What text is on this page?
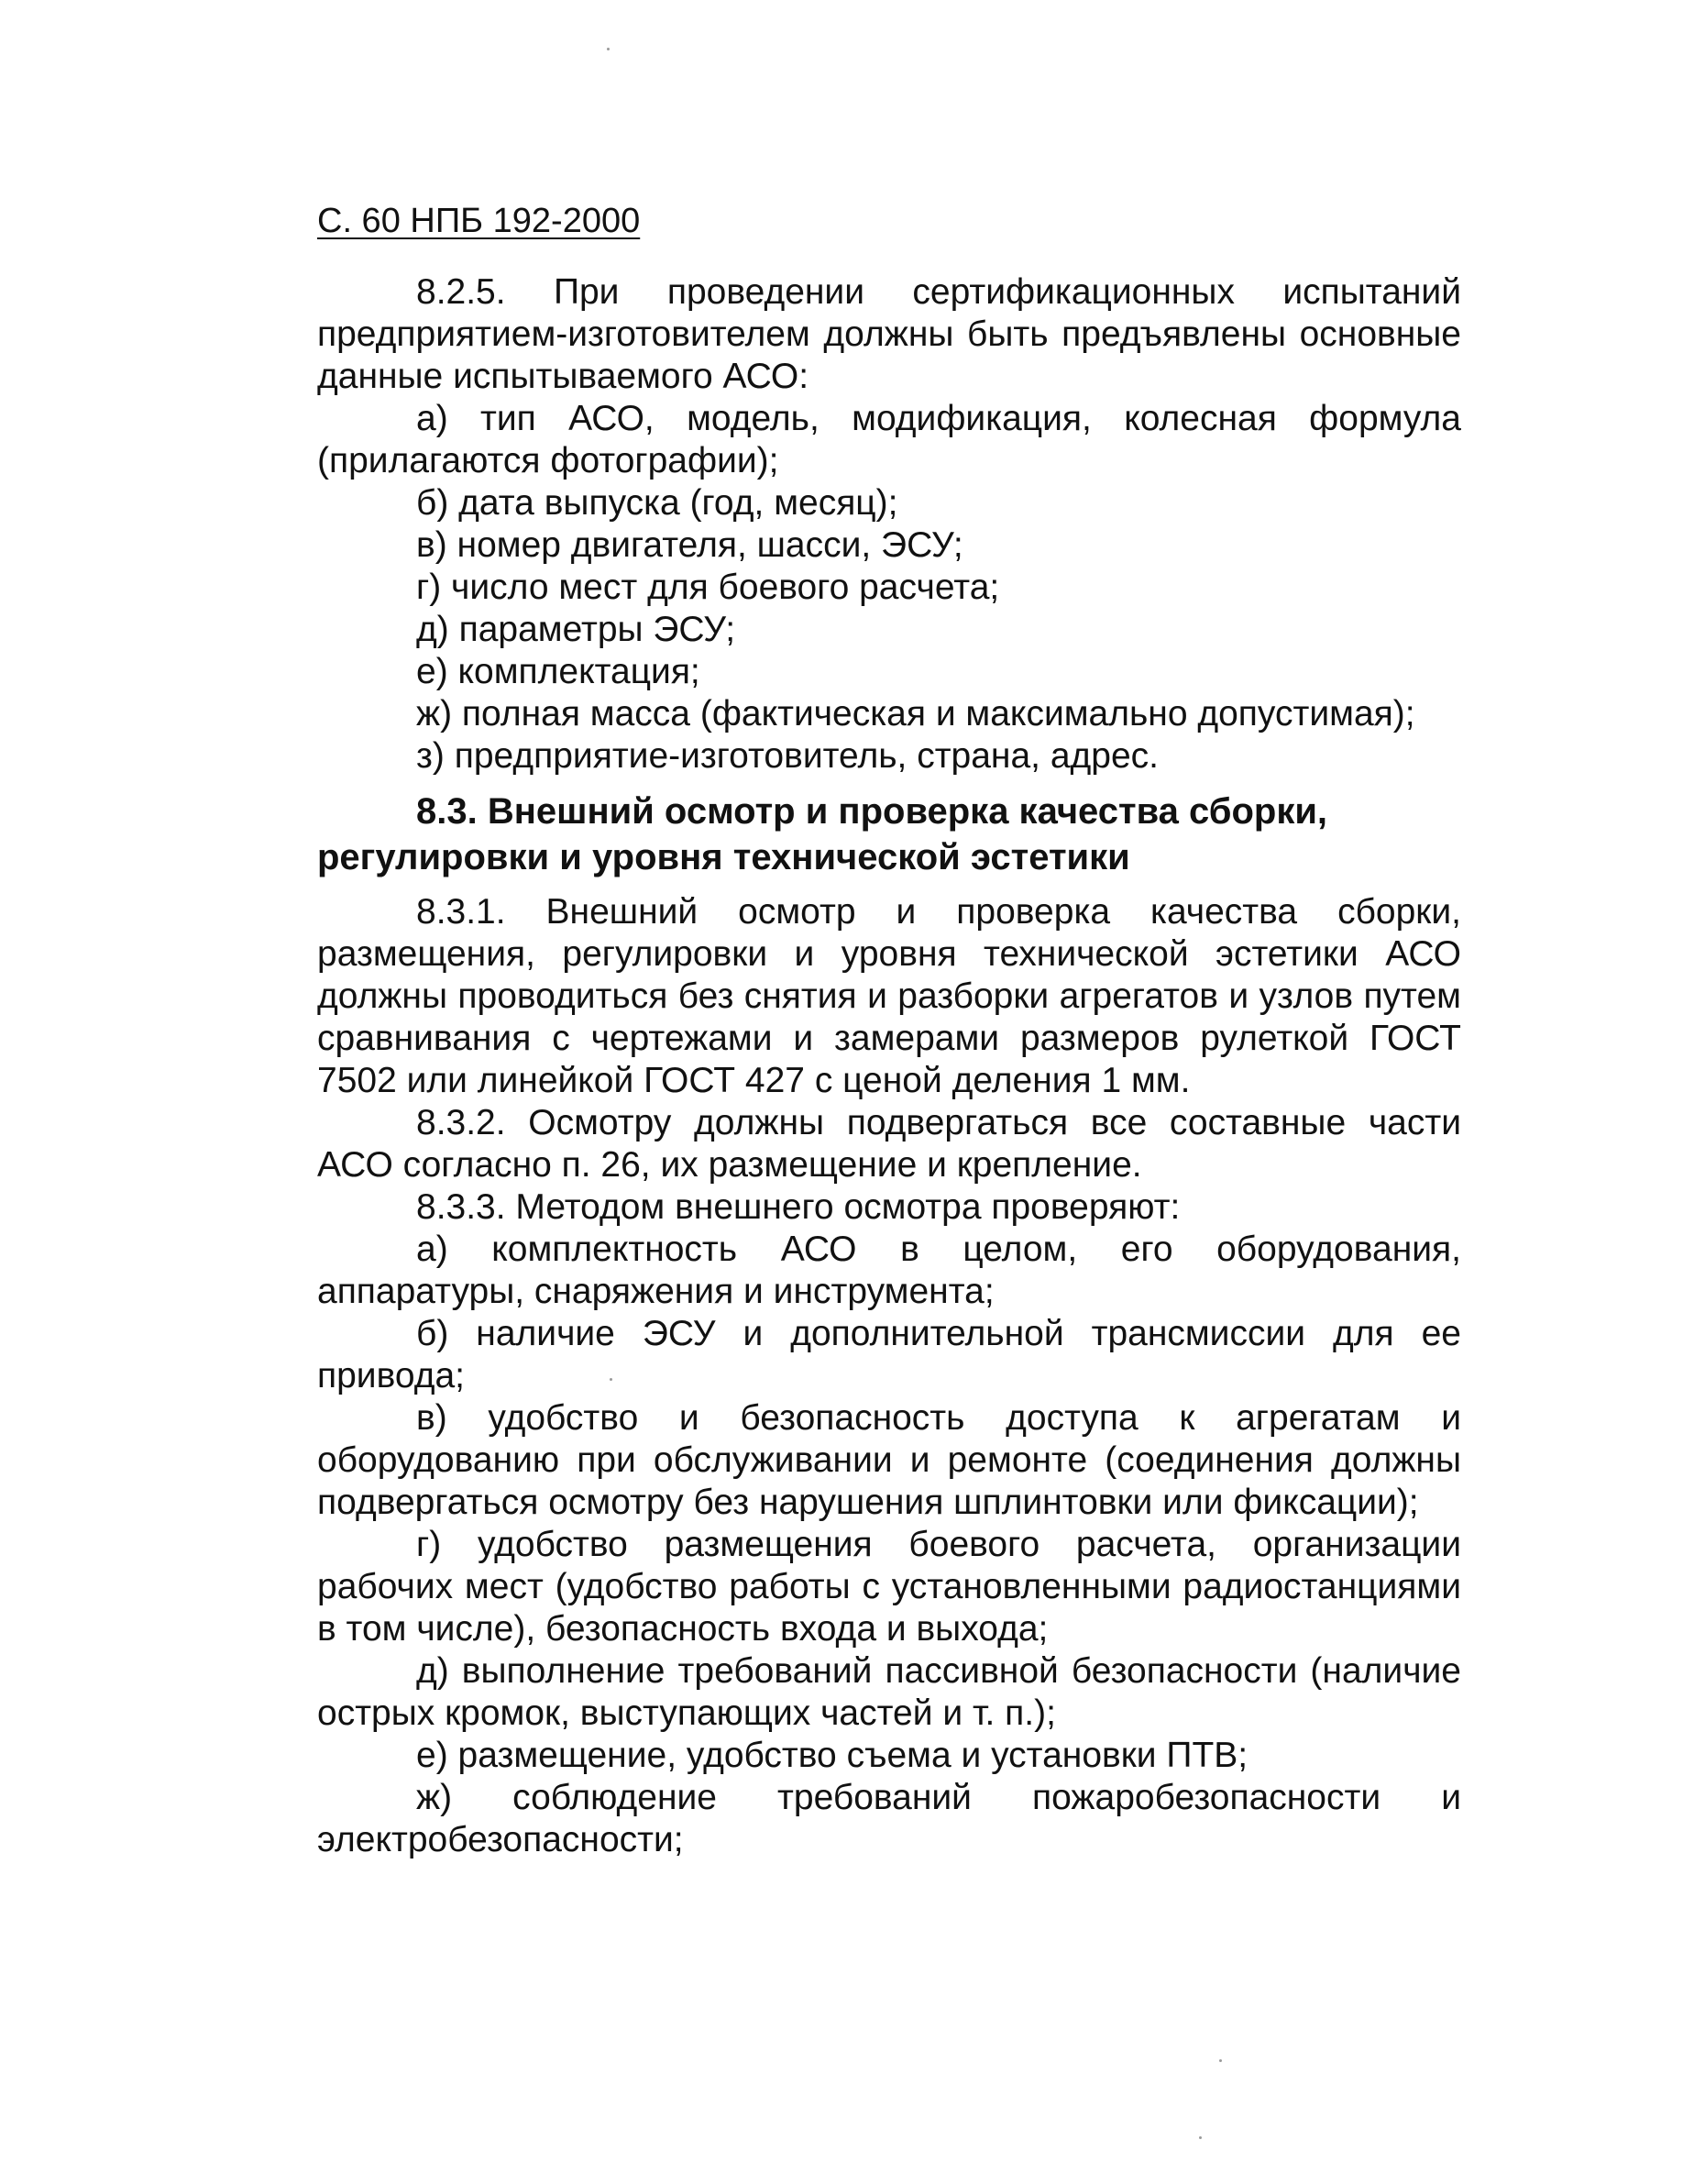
С. 60 НПБ 192-2000

8.2.5. При проведении сертификационных испытаний предприятием-изготовителем должны быть предъявлены основные данные испытываемого АСО:

а) тип АСО, модель, модификация, колесная формула (прилагаются фотографии);

б) дата выпуска (год, месяц);

в) номер двигателя, шасси, ЭСУ;

г) число мест для боевого расчета;

д) параметры ЭСУ;

е) комплектация;

ж) полная масса (фактическая и максимально допустимая);

з) предприятие-изготовитель, страна, адрес.

8.3. Внешний осмотр и проверка качества сборки,
регулировки и уровня технической эстетики

8.3.1. Внешний осмотр и проверка качества сборки, размещения, регулировки и уровня технической эстетики АСО должны проводиться без снятия и разборки агрегатов и узлов путем сравнивания с чертежами и замерами размеров рулеткой ГОСТ 7502 или линейкой ГОСТ 427 с ценой деления 1 мм.

8.3.2. Осмотру должны подвергаться все составные части АСО согласно п. 26, их размещение и крепление.

8.3.3. Методом внешнего осмотра проверяют:

а) комплектность АСО в целом, его оборудования, аппаратуры, снаряжения и инструмента;

б) наличие ЭСУ и дополнительной трансмиссии для ее привода;

в) удобство и безопасность доступа к агрегатам и оборудованию при обслуживании и ремонте (соединения должны подвергаться осмотру без нарушения шплинтовки или фиксации);

г) удобство размещения боевого расчета, организации рабочих мест (удобство работы с установленными радиостанциями в том числе), безопасность входа и выхода;

д) выполнение требований пассивной безопасности (наличие острых кромок, выступающих частей и т. п.);

е) размещение, удобство съема и установки ПТВ;

ж) соблюдение требований пожаробезопасности и электробезопасности;
